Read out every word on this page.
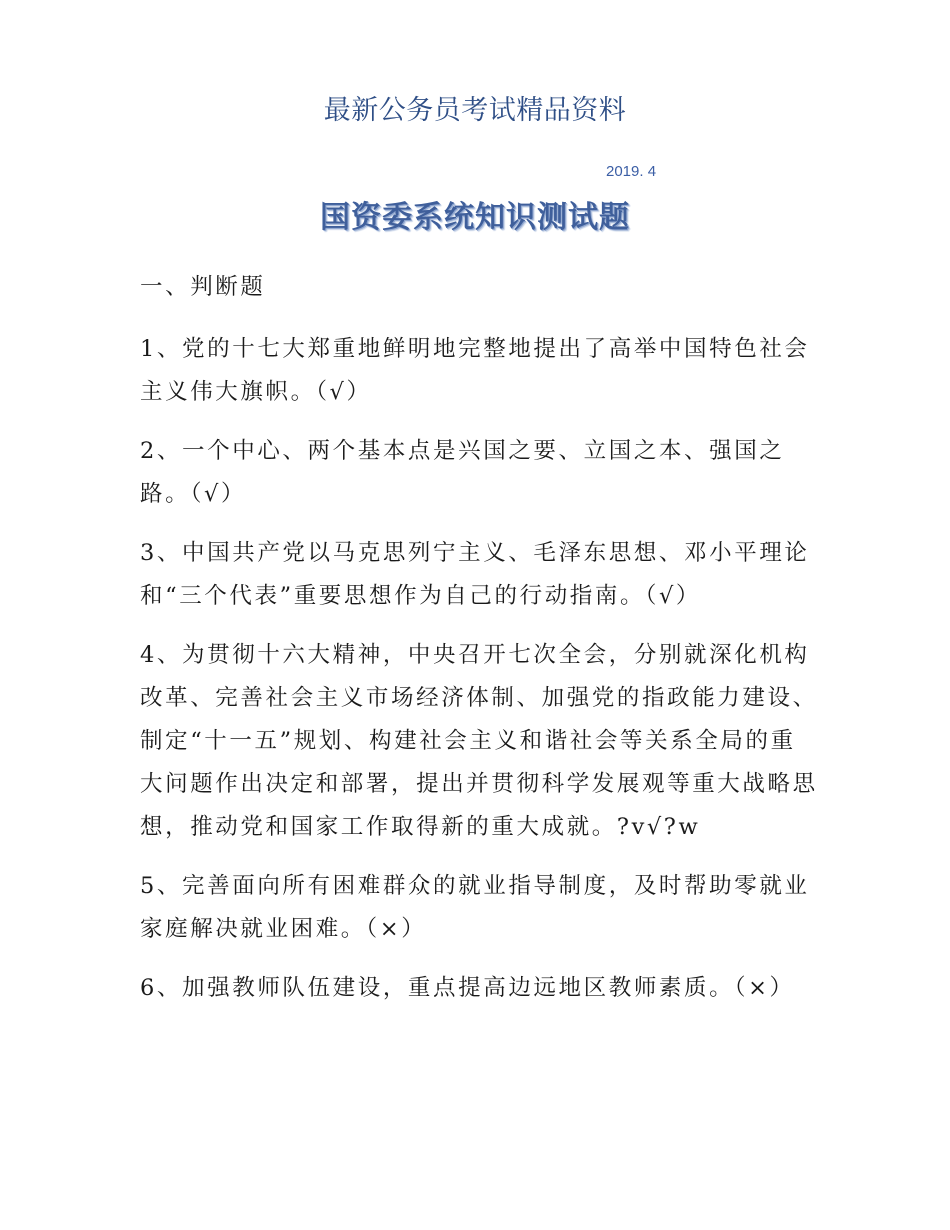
最新公务员考试精品资料
2019. 4
国资委系统知识测试题
一、判断题
1、党的十七大郑重地鲜明地完整地提出了高举中国特色社会主义伟大旗帜。（√）
2、一个中心、两个基本点是兴国之要、立国之本、强国之路。（√）
3、中国共产党以马克思列宁主义、毛泽东思想、邓小平理论和“三个代表”重要思想作为自己的行动指南。（√）
4、为贯彻十六大精神，中央召开七次全会，分别就深化机构改革、完善社会主义市场经济体制、加强党的指政能力建设、制定“十一五”规划、构建社会主义和谐社会等关系全局的重大问题作出决定和部署，提出并贯彻科学发展观等重大战略思想，推动党和国家工作取得新的重大成就。?v√?w
5、完善面向所有困难群众的就业指导制度，及时帮助零就业家庭解决就业困难。（×）
6、加强教师队伍建设，重点提高边远地区教师素质。（×）
